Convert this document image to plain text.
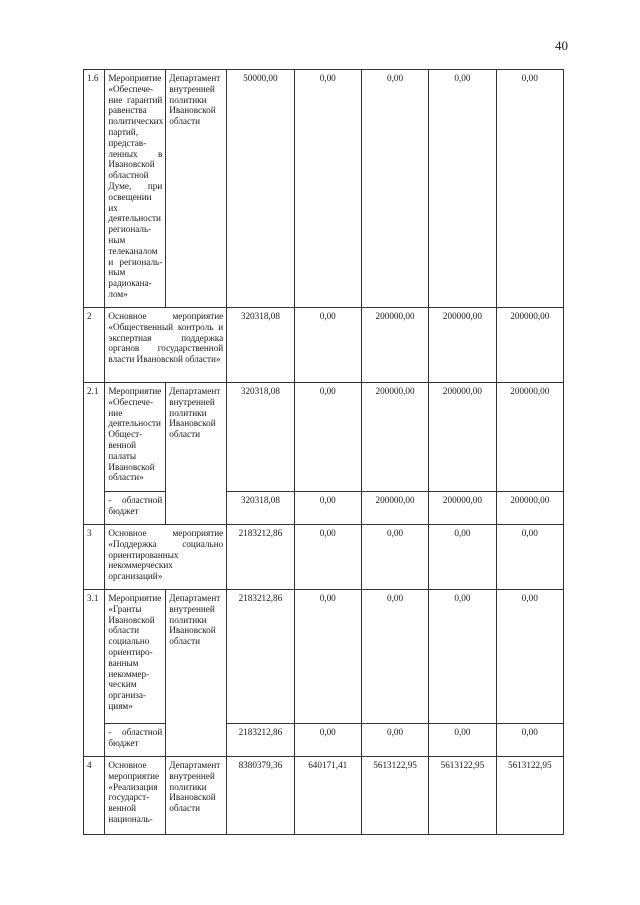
40
1.6	Мероприятие «Обеспече-ние гарантий равенства политических партий, представ-ленных в Ивановской областной Думе, при освещении их деятельности региональ-ным телеканалом и региональ-ным радиокана-лом»	Департамент внутренней политики Ивановской области	50000,00	0,00	0,00	0,00	0,00
2	Основное мероприятие «Общественный контроль и экспертная поддержка органов государственной власти Ивановской области»		320318,08	0,00	200000,00	200000,00	200000,00
2.1	Мероприятие «Обеспече-ние деятельности Общест-венной палаты Ивановской области»	Департамент внутренней политики Ивановской области	320318,08	0,00	200000,00	200000,00	200000,00
	- областной бюджет		320318,08	0,00	200000,00	200000,00	200000,00
3	Основное мероприятие «Поддержка социально ориентированных некоммерческих организаций»		2183212,86	0,00	0,00	0,00	0,00
3.1	Мероприятие «Гранты Ивановской области социально ориентиро-ванным некоммер-ческим организа-циям»	Департамент внутренней политики Ивановской области	2183212,86	0,00	0,00	0,00	0,00
	- областной бюджет		2183212,86	0,00	0,00	0,00	0,00
4	Основное мероприятие «Реализация государст-венной националь-	Департамент внутренней политики Ивановской области	8380379,36	640171,41	5613122,95	5613122,95	5613122,95
